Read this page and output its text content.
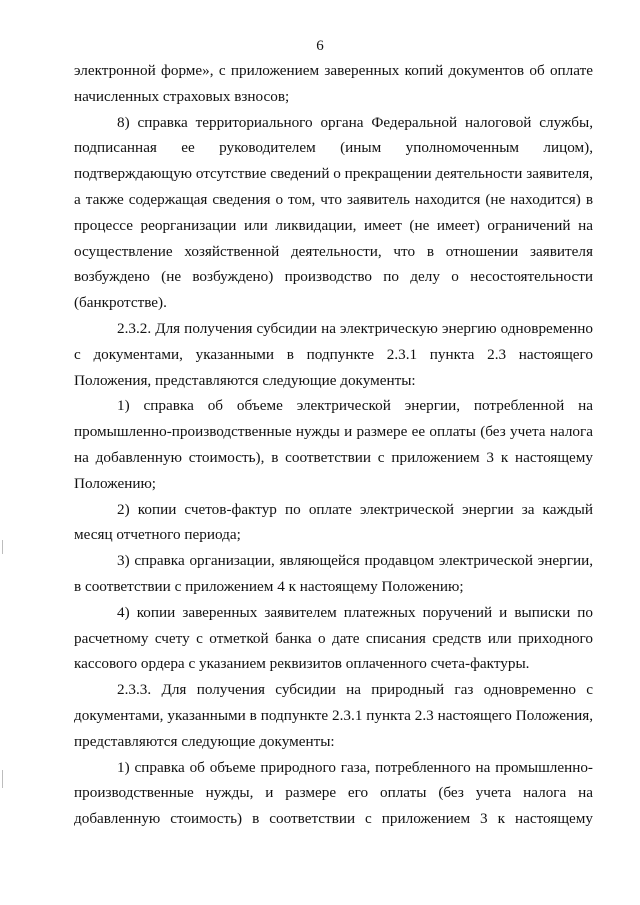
6

электронной форме», с приложением заверенных копий документов об оплате начисленных страховых взносов;

8) справка территориального органа Федеральной налоговой службы, подписанная ее руководителем (иным уполномоченным лицом), подтверждающую отсутствие сведений о прекращении деятельности заявителя, а также содержащая сведения о том, что заявитель находится (не находится) в процессе реорганизации или ликвидации, имеет (не имеет) ограничений на осуществление хозяйственной деятельности, что в отношении заявителя возбуждено (не возбуждено) производство по делу о несостоятельности (банкротстве).

2.3.2. Для получения субсидии на электрическую энергию одновременно с документами, указанными в подпункте 2.3.1 пункта 2.3 настоящего Положения, представляются следующие документы:

1) справка об объеме электрической энергии, потребленной на промышленно-производственные нужды и размере ее оплаты (без учета налога на добавленную стоимость), в соответствии с приложением 3 к настоящему Положению;

2) копии счетов-фактур по оплате электрической энергии за каждый месяц отчетного периода;

3) справка организации, являющейся продавцом электрической энергии, в соответствии с приложением 4 к настоящему Положению;

4) копии заверенных заявителем платежных поручений и выписки по расчетному счету с отметкой банка о дате списания средств или приходного кассового ордера с указанием реквизитов оплаченного счета-фактуры.

2.3.3. Для получения субсидии на природный газ одновременно с документами, указанными в подпункте 2.3.1 пункта 2.3 настоящего Положения, представляются следующие документы:

1) справка об объеме природного газа, потребленного на промышленно-производственные нужды, и размере его оплаты (без учета налога на добавленную стоимость) в соответствии с приложением 3 к настоящему
